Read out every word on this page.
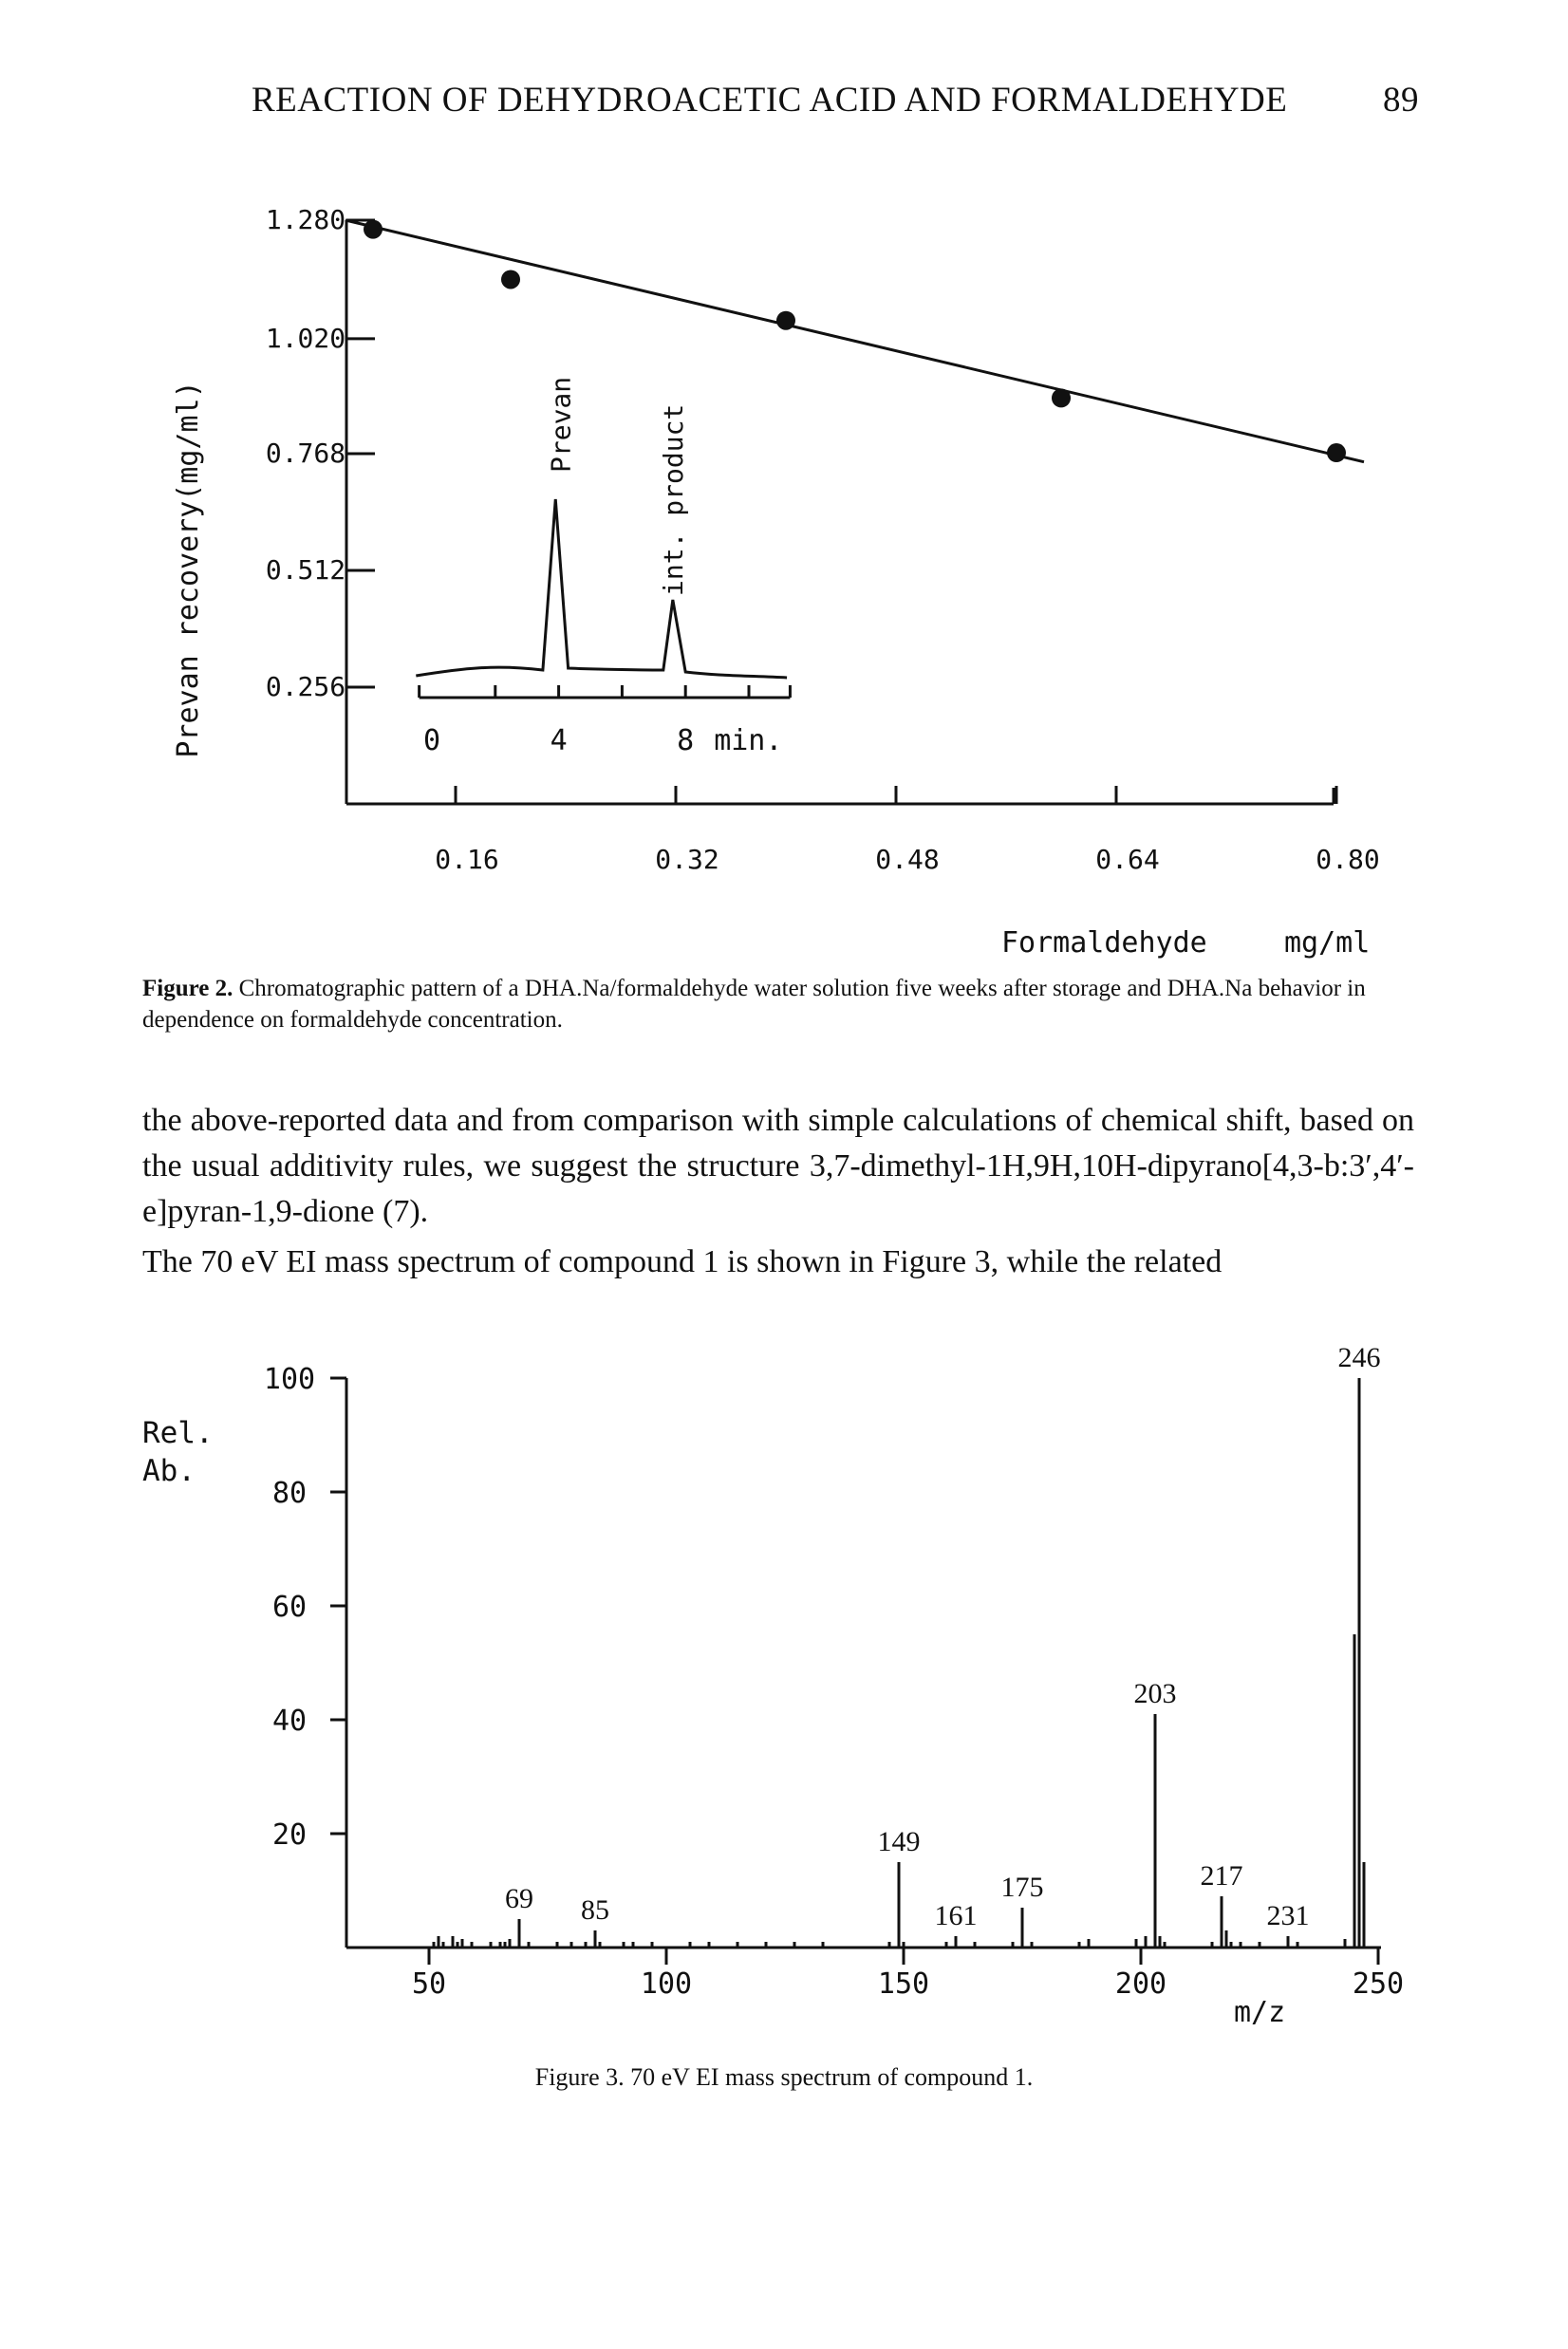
REACTION OF DEHYDROACETIC ACID AND FORMALDEHYDE	89
0.256
0.512
0.768
1.020
1.280
0.16	0.32	0.48	0.64	0.80
0	4	8 min.
Prevan	int. product
Prevan recovery(mg/ml)
Formaldehyde	mg/ml
Figure 2. Chromatographic pattern of a DHA.Na/formaldehyde water solution five weeks after storage and DHA.Na behavior in dependence on formaldehyde concentration.
the above-reported data and from comparison with simple calculations of chemical shift, based on the usual additivity rules, we suggest the structure 3,7-dimethyl-1H,9H,10H-dipyrano[4,3-b:3′,4′-e]pyran-1,9-dione (7).
The 70 eV EI mass spectrum of compound 1 is shown in Figure 3, while the related
20
40
60
80
100
50	100	150	200	250
69 85
149
161
175
203
217
231
246
Rel.
Ab.
m/z
Figure 3. 70 eV EI mass spectrum of compound 1.
